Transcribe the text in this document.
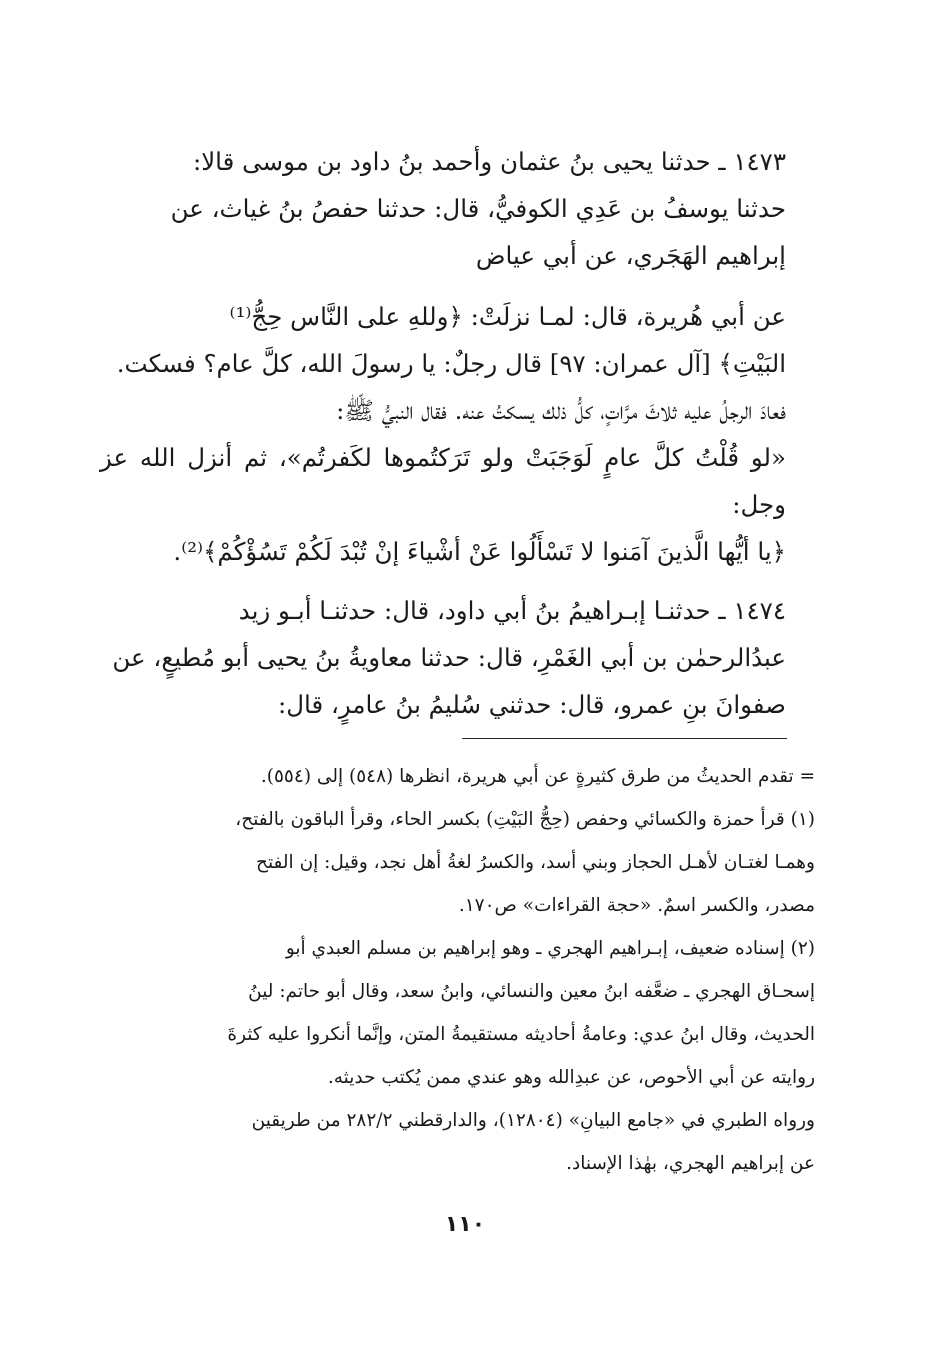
١٤٧٣ ـ حدثنا يحيى بنُ عثمان وأحمد بنُ داود بن موسى قالا:

حدثنا يوسفُ بن عَدِي الكوفيُّ، قال: حدثنا حفصُ بنُ غياث، عن

إبراهيم الهَجَري، عن أبي عياض

عن أبي هُريرة، قال: لمـا نزلَتْ: ﴿وللهِ على النَّاس حِجُّ⁽¹⁾

البَيْتِ﴾ [آل عمران: ٩٧] قال رجلٌ: يا رسولَ الله، كلَّ عام؟ فسكت.

فعادَ الرجلُ عليه ثلاثَ مرَّاتٍ، كلُّ ذلك يسكتُ عنه. فقال النبيُّ ﷺ:

«لو قُلْتُ كلَّ عامٍ لَوَجَبَتْ ولو تَرَكتُموها لكَفرتُم»، ثم أنزل الله عز وجل:

﴿يا أيُّها الَّذينَ آمَنوا لا تَسْأَلُوا عَنْ أشْياءَ إنْ تُبْدَ لَكُمْ تَسُؤْكُمْ﴾⁽²⁾.

١٤٧٤ ـ حدثنـا إبـراهيمُ بنُ أبي داود، قال: حدثنـا أبـو زيد

عبدُالرحمٰن بن أبي الغَمْرِ، قال: حدثنا معاويةُ بنُ يحيى أبو مُطيعٍ، عن

صفوانَ بنِ عمرو، قال: حدثني سُليمُ بنُ عامرٍ، قال:

= تقدم الحديثُ من طرق كثيرةٍ عن أبي هريرة، انظرها (٥٤٨) إلى (٥٥٤).

(١) قرأ حمزة والكسائي وحفص (حِجُّ البَيْتِ) بكسر الحاء، وقرأ الباقون بالفتح،

وهمـا لغتـان لأهـل الحجاز وبني أسد، والكسرُ لغةُ أهل نجد، وقيل: إن الفتح

مصدر، والكسر اسمٌ. «حجة القراءات» ص١٧٠.

(٢) إسناده ضعيف، إبـراهيم الهجري ـ وهو إبراهيم بن مسلم العبدي أبو

إسحـاق الهجري ـ ضعَّفه ابنُ معين والنسائي، وابنُ سعد، وقال أبو حاتم: لينُ

الحديث، وقال ابنُ عدي: وعامةُ أحاديثه مستقيمةُ المتن، وإنَّما أنكروا عليه كثرةَ

روايته عن أبي الأحوص، عن عبدِالله وهو عندي ممن يُكتب حديثه.

ورواه الطبري في «جامع البيانِ» (١٢٨٠٤)، والدارقطني ٢٨٢/٢ من طريقين

عن إبراهيم الهجري، بهٰذا الإسناد.

١١٠
